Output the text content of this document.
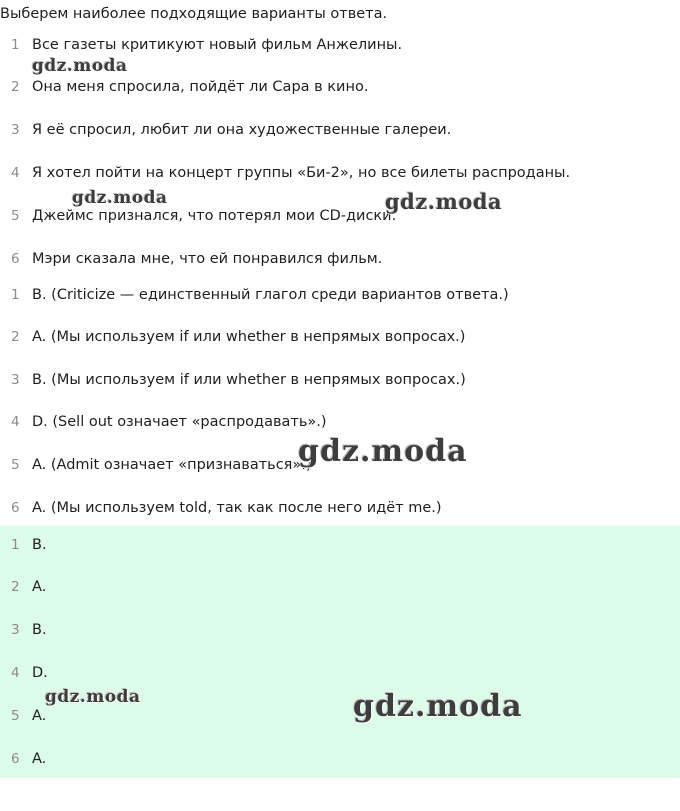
Выберем наиболее подходящие варианты ответа.
1 Все газеты критикуют новый фильм Анжелины.
2 Она меня спросила, пойдёт ли Сара в кино.
3 Я её спросил, любит ли она художественные галереи.
4 Я хотел пойти на концерт группы «Би-2», но все билеты распроданы.
5 Джеймс признался, что потерял мои CD-диски.
6 Мэри сказала мне, что ей понравился фильм.
1 B. (Criticize — единственный глагол среди вариантов ответа.)
2 A. (Мы используем if или whether в непрямых вопросах.)
3 B. (Мы используем if или whether в непрямых вопросах.)
4 D. (Sell out означает «распродавать».)
5 A. (Admit означает «признаваться».)
6 A. (Мы используем told, так как после него идёт me.)
1 B.
2 A.
3 B.
4 D.
5 A.
6 A.
gdz.moda
gdz.moda	gdz.moda
gdz.moda
gdz.moda	gdz.moda
